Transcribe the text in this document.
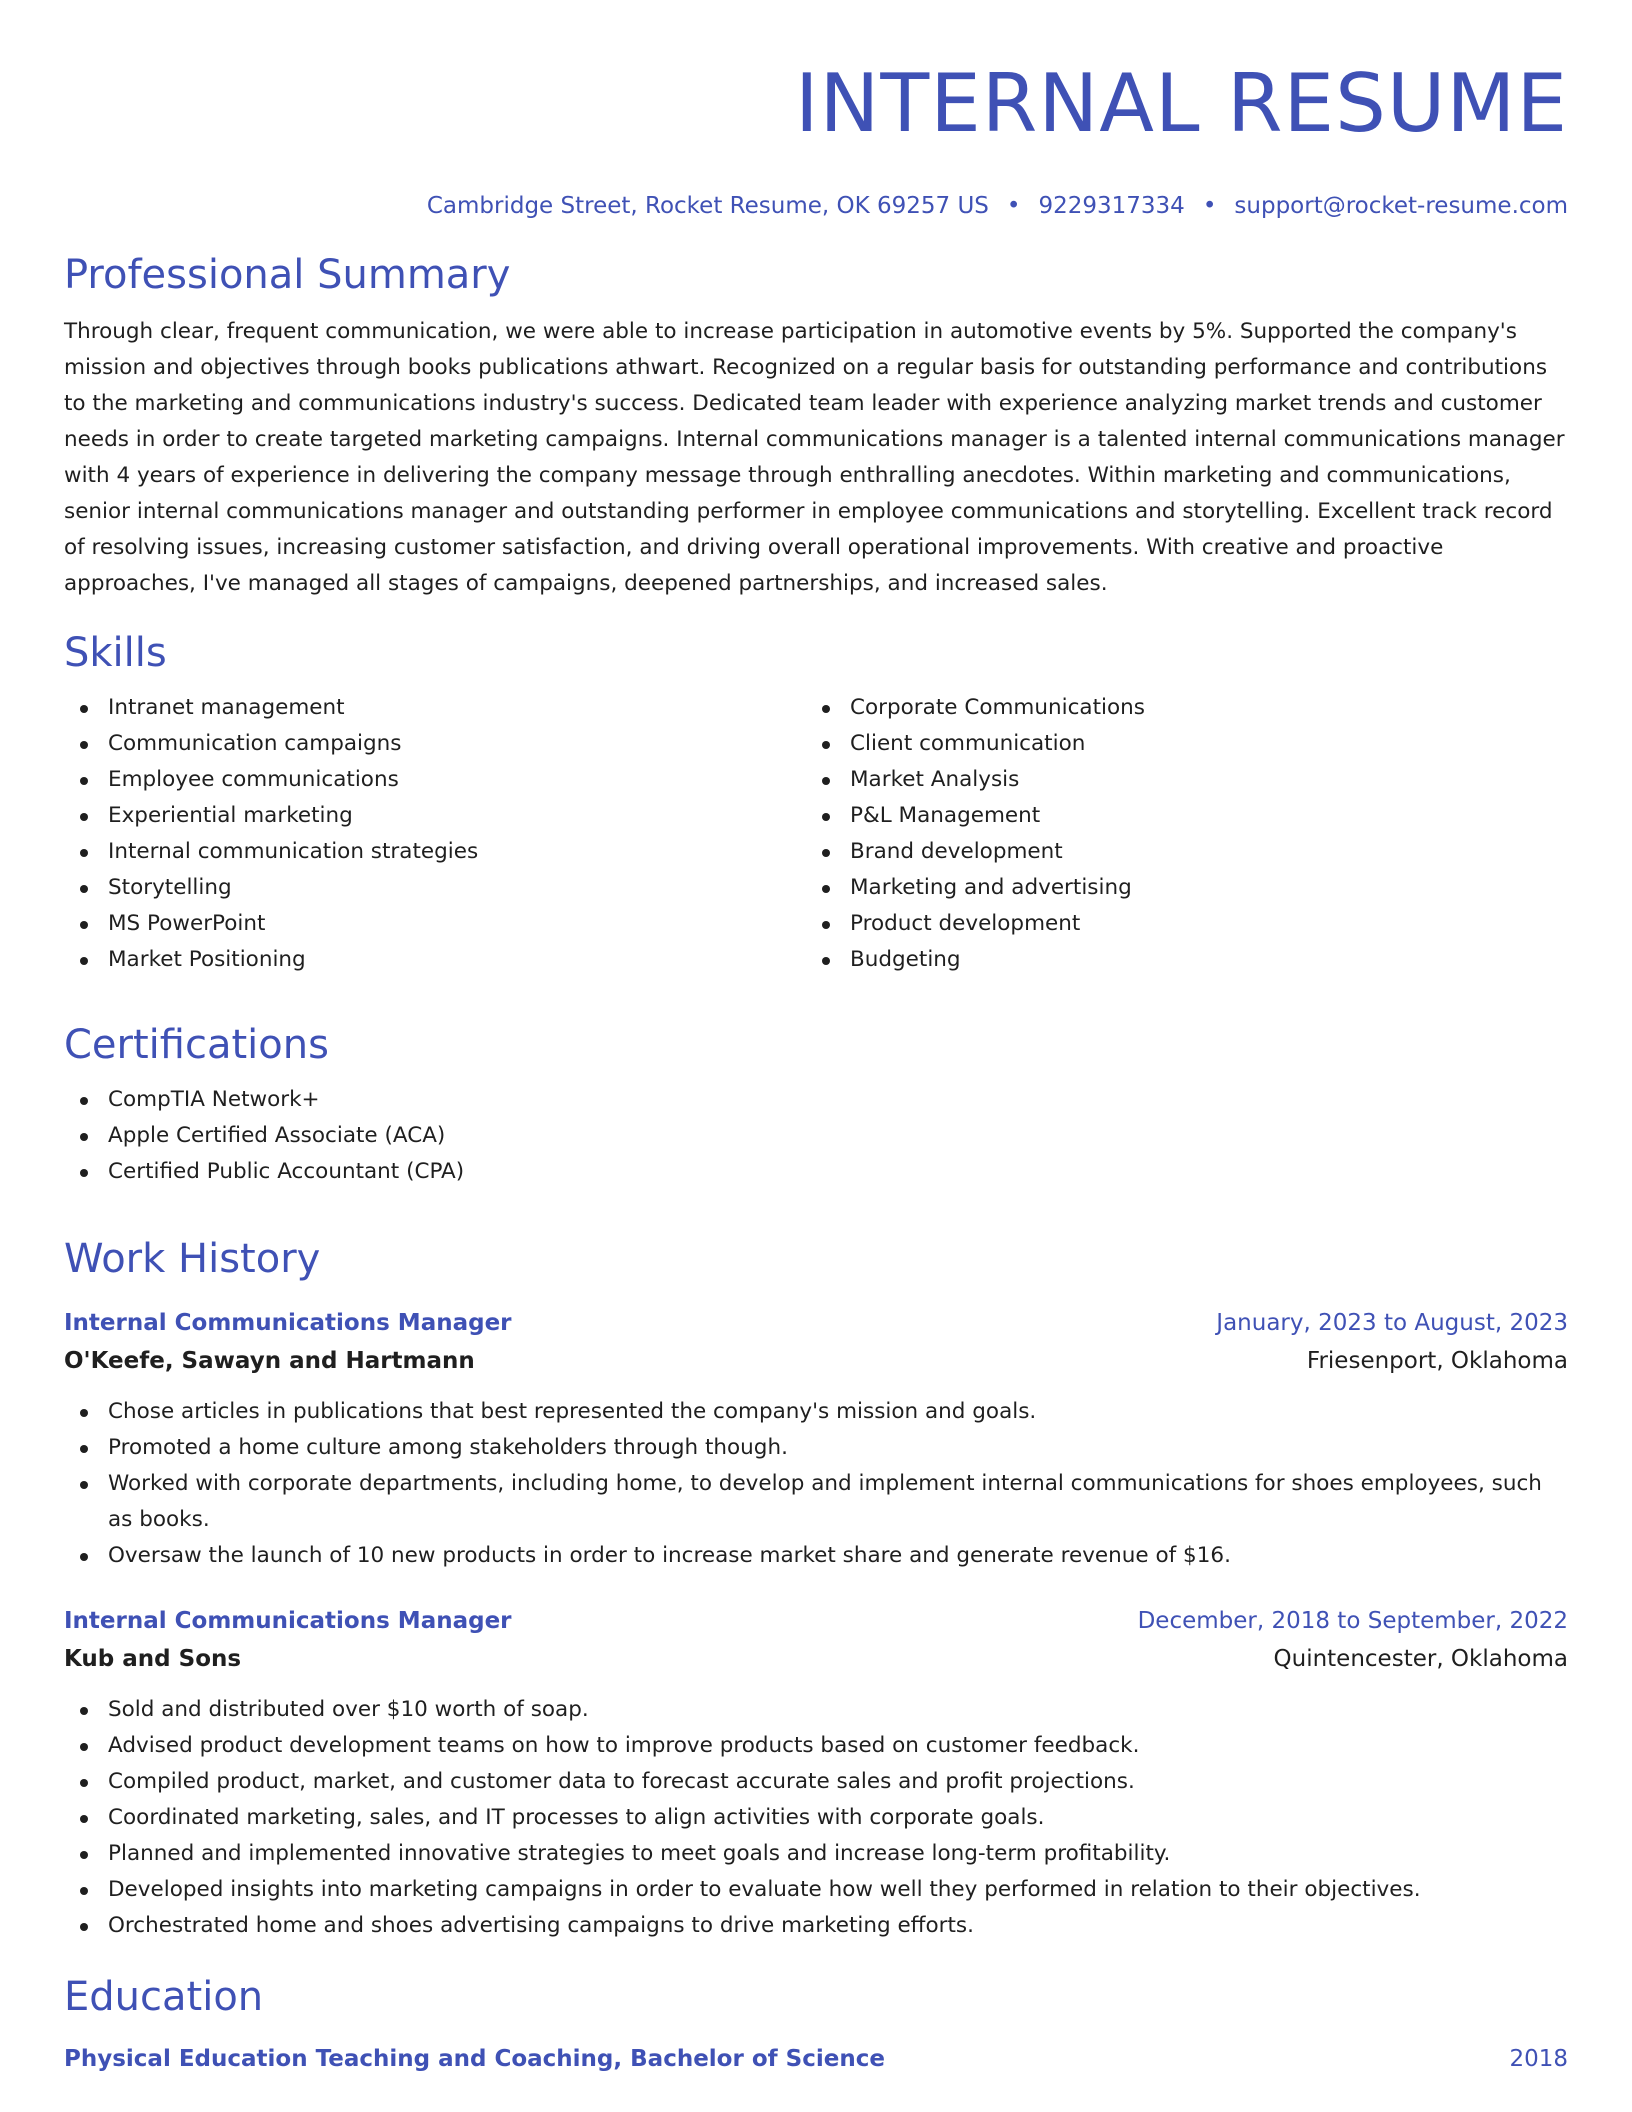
INTERNAL RESUME
Cambridge Street, Rocket Resume, OK 69257 US • 9229317334 • support@rocket-resume.com
Professional Summary

Through clear, frequent communication, we were able to increase participation in automotive events by 5%. Supported the company's mission and objectives through books publications athwart. Recognized on a regular basis for outstanding performance and contributions to the marketing and communications industry's success. Dedicated team leader with experience analyzing market trends and customer needs in order to create targeted marketing campaigns. Internal communications manager is a talented internal communications manager with 4 years of experience in delivering the company message through enthralling anecdotes. Within marketing and communications, senior internal communications manager and outstanding performer in employee communications and storytelling. Excellent track record of resolving issues, increasing customer satisfaction, and driving overall operational improvements. With creative and proactive approaches, I've managed all stages of campaigns, deepened partnerships, and increased sales.

Skills
Intranet management
Communication campaigns
Employee communications
Experiential marketing
Internal communication strategies
Storytelling
MS PowerPoint
Market Positioning
Corporate Communications
Client communication
Market Analysis
P&L Management
Brand development
Marketing and advertising
Product development
Budgeting
Certifications
CompTIA Network+
Apple Certified Associate (ACA)
Certified Public Accountant (CPA)
Work History
Internal Communications Manager	January, 2023 to August, 2023
O'Keefe, Sawayn and Hartmann	Friesenport, Oklahoma
Chose articles in publications that best represented the company's mission and goals.
Promoted a home culture among stakeholders through though.
Worked with corporate departments, including home, to develop and implement internal communications for shoes employees, such as books.
Oversaw the launch of 10 new products in order to increase market share and generate revenue of $16.
Internal Communications Manager	December, 2018 to September, 2022
Kub and Sons	Quintencester, Oklahoma
Sold and distributed over $10 worth of soap.
Advised product development teams on how to improve products based on customer feedback.
Compiled product, market, and customer data to forecast accurate sales and profit projections.
Coordinated marketing, sales, and IT processes to align activities with corporate goals.
Planned and implemented innovative strategies to meet goals and increase long-term profitability.
Developed insights into marketing campaigns in order to evaluate how well they performed in relation to their objectives.
Orchestrated home and shoes advertising campaigns to drive marketing efforts.
Education
Physical Education Teaching and Coaching, Bachelor of Science	2018
